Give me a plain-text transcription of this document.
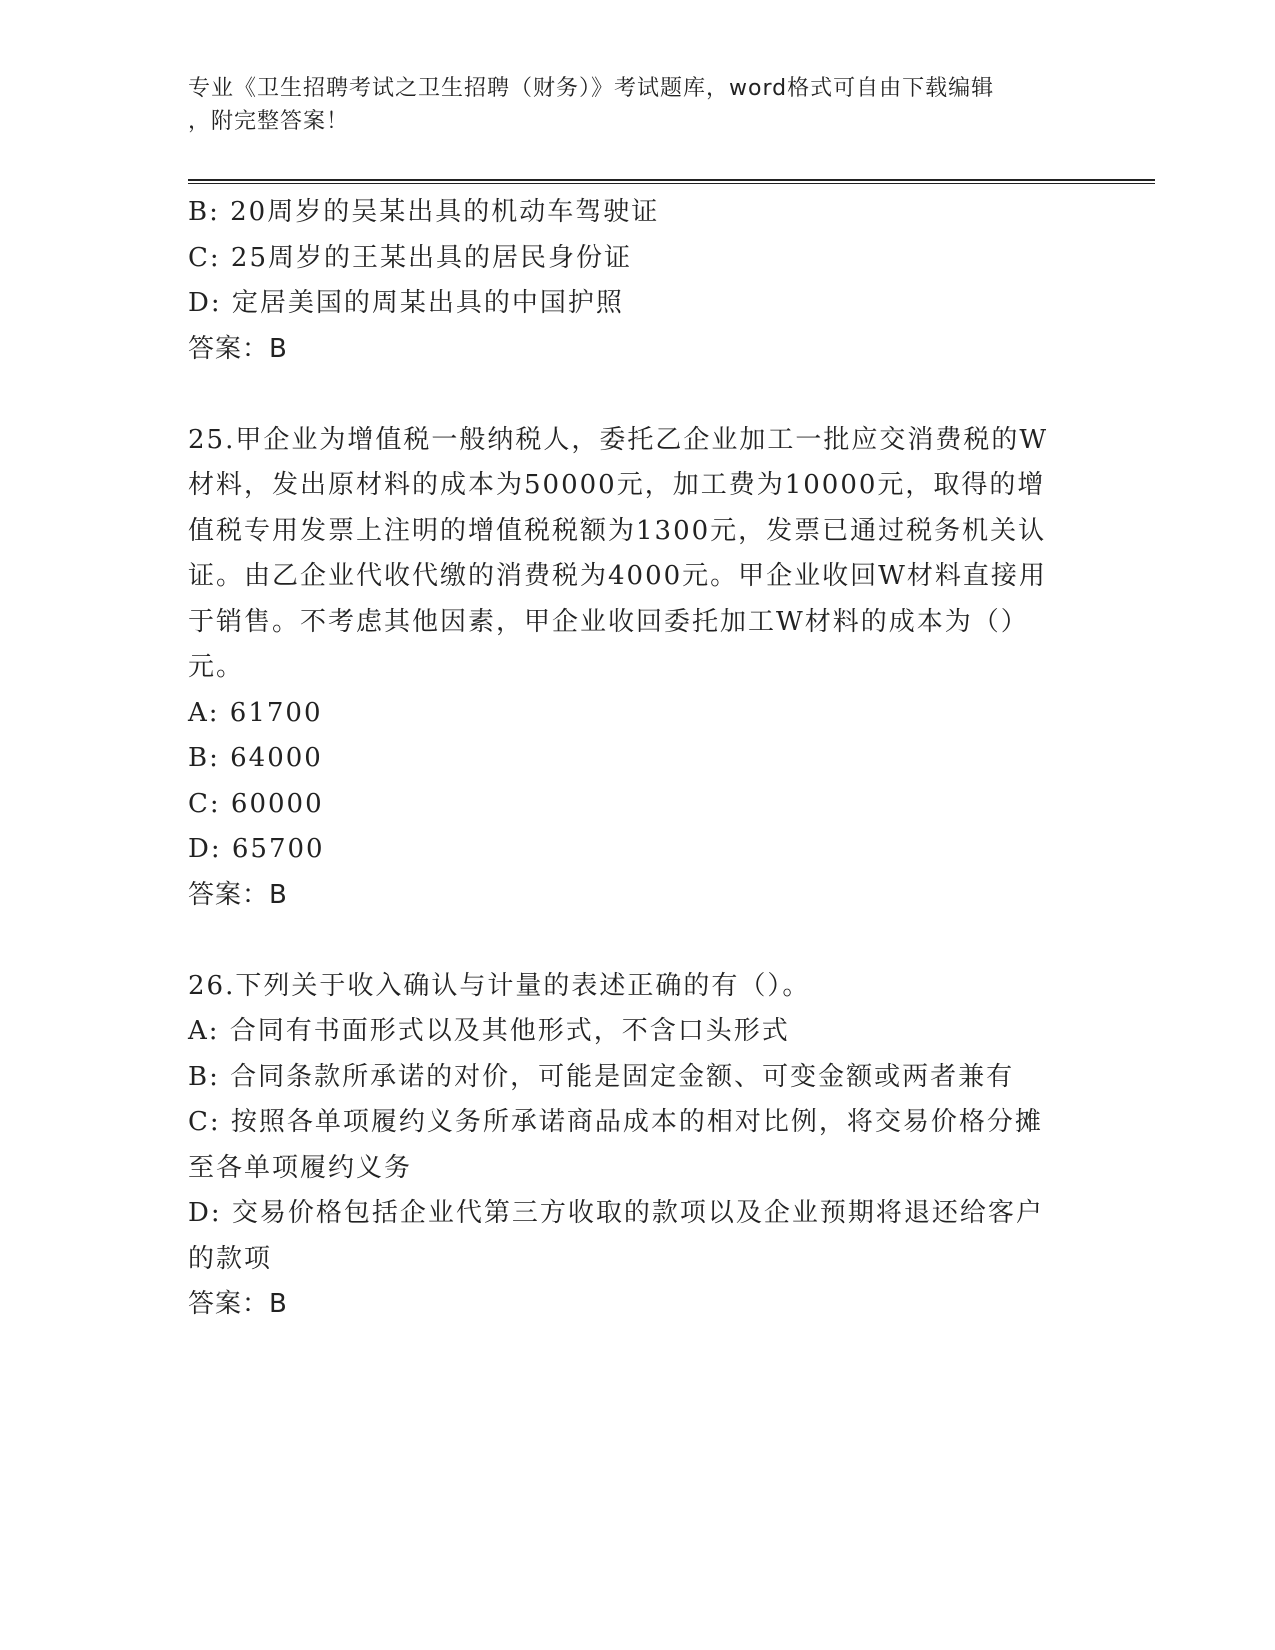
专业《卫生招聘考试之卫生招聘（财务）》考试题库，word格式可自由下载编辑
，附完整答案！
B: 20周岁的吴某出具的机动车驾驶证
C: 25周岁的王某出具的居民身份证
D: 定居美国的周某出具的中国护照
答案：B
25.甲企业为增值税一般纳税人，委托乙企业加工一批应交消费税的W
材料，发出原材料的成本为50000元，加工费为10000元，取得的增
值税专用发票上注明的增值税税额为1300元，发票已通过税务机关认
证。由乙企业代收代缴的消费税为4000元。甲企业收回W材料直接用
于销售。不考虑其他因素，甲企业收回委托加工W材料的成本为（）
元。
A: 61700
B: 64000
C: 60000
D: 65700
答案：B
26.下列关于收入确认与计量的表述正确的有（）。
A: 合同有书面形式以及其他形式，不含口头形式
B: 合同条款所承诺的对价，可能是固定金额、可变金额或两者兼有
C: 按照各单项履约义务所承诺商品成本的相对比例，将交易价格分摊
至各单项履约义务
D: 交易价格包括企业代第三方收取的款项以及企业预期将退还给客户
的款项
答案：B
